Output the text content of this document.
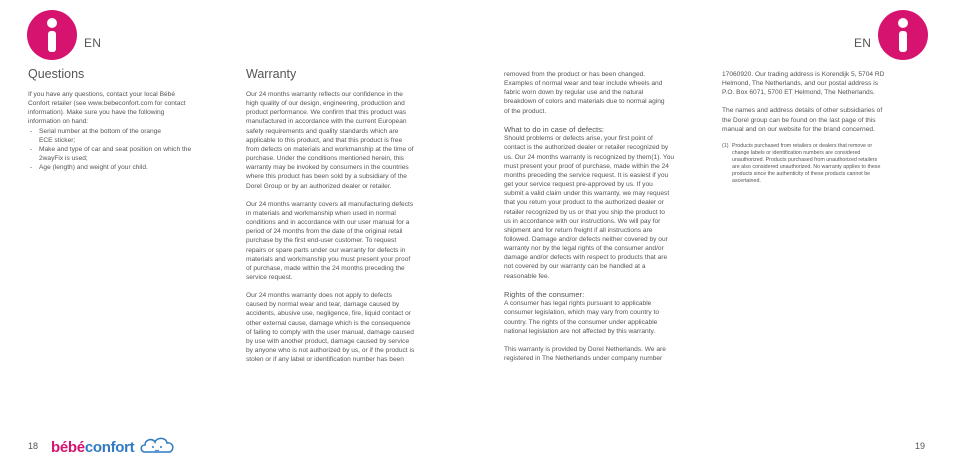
EN	EN
Questions

If you have any questions, contact your local Bébé

Confort retailer (see www.bebeconfort.com for contact

information). Make sure you have the following

information on hand:

- Serial number at the bottom of the orange
ECE sticker;
- Make and type of car and seat position on which the
2wayFix is used;
- Age (length) and weight of your child.
Warranty

Our 24 months warranty reflects our confidence in the

high quality of our design, engineering, production and

product performance. We confirm that this product was

manufactured in accordance with the current European

safety requirements and quality standards which are

applicable to this product, and that this product is free

from defects on materials and workmanship at the time of

purchase. Under the conditions mentioned herein, this

warranty may be invoked by consumers in the countries

where this product has been sold by a subsidiary of the

Dorel Group or by an authorized dealer or retailer.

Our 24 months warranty covers all manufacturing defects

in materials and workmanship when used in normal

conditions and in accordance with our user manual for a

period of 24 months from the date of the original retail

purchase by the first end-user customer. To request

repairs or spare parts under our warranty for defects in

materials and workmanship you must present your proof

of purchase, made within the 24 months preceding the

service request.

Our 24 months warranty does not apply to defects

caused by normal wear and tear, damage caused by

accidents, abusive use, negligence, fire, liquid contact or

other external cause, damage which is the consequence

of failing to comply with the user manual, damage caused

by use with another product, damage caused by service

by anyone who is not authorized by us, or if the product is

stolen or if any label or identification number has been

removed from the product or has been changed.

Examples of normal wear and tear include wheels and

fabric worn down by regular use and the natural

breakdown of colors and materials due to normal aging

of the product.

What to do in case of defects:

Should problems or defects arise, your first point of

contact is the authorized dealer or retailer recognized by

us. Our 24 months warranty is recognized by them(1). You

must present your proof of purchase, made within the 24

months preceding the service request. It is easiest if you

get your service request pre-approved by us. If you

submit a valid claim under this warranty, we may request

that you return your product to the authorized dealer or

retailer recognized by us or that you ship the product to

us in accordance with our instructions. We will pay for

shipment and for return freight if all instructions are

followed. Damage and/or defects neither covered by our

warranty nor by the legal rights of the consumer and/or

damage and/or defects with respect to products that are

not covered by our warranty can be handled at a

reasonable fee.

Rights of the consumer:

A consumer has legal rights pursuant to applicable

consumer legislation, which may vary from country to

country. The rights of the consumer under applicable

national legislation are not affected by this warranty.

This warranty is provided by Dorel Netherlands. We are

registered in The Netherlands under company number

17060920. Our trading address is Korendijk 5, 5704 RD

Helmond, The Netherlands, and our postal address is

P.O. Box 6071, 5700 ET Helmond, The Netherlands.

The names and address details of other subsidiaries of

the Dorel group can be found on the last page of this

manual and on our website for the brand concerned.

(1) Products purchased from retailers or dealers that remove or

change labels or identification numbers are considered

unauthorized. Products purchased from unauthorized retailers

are also considered unauthorized. No warranty applies to these

products since the authenticity of these products cannot be

ascertained.

18 bébéconfort	19
